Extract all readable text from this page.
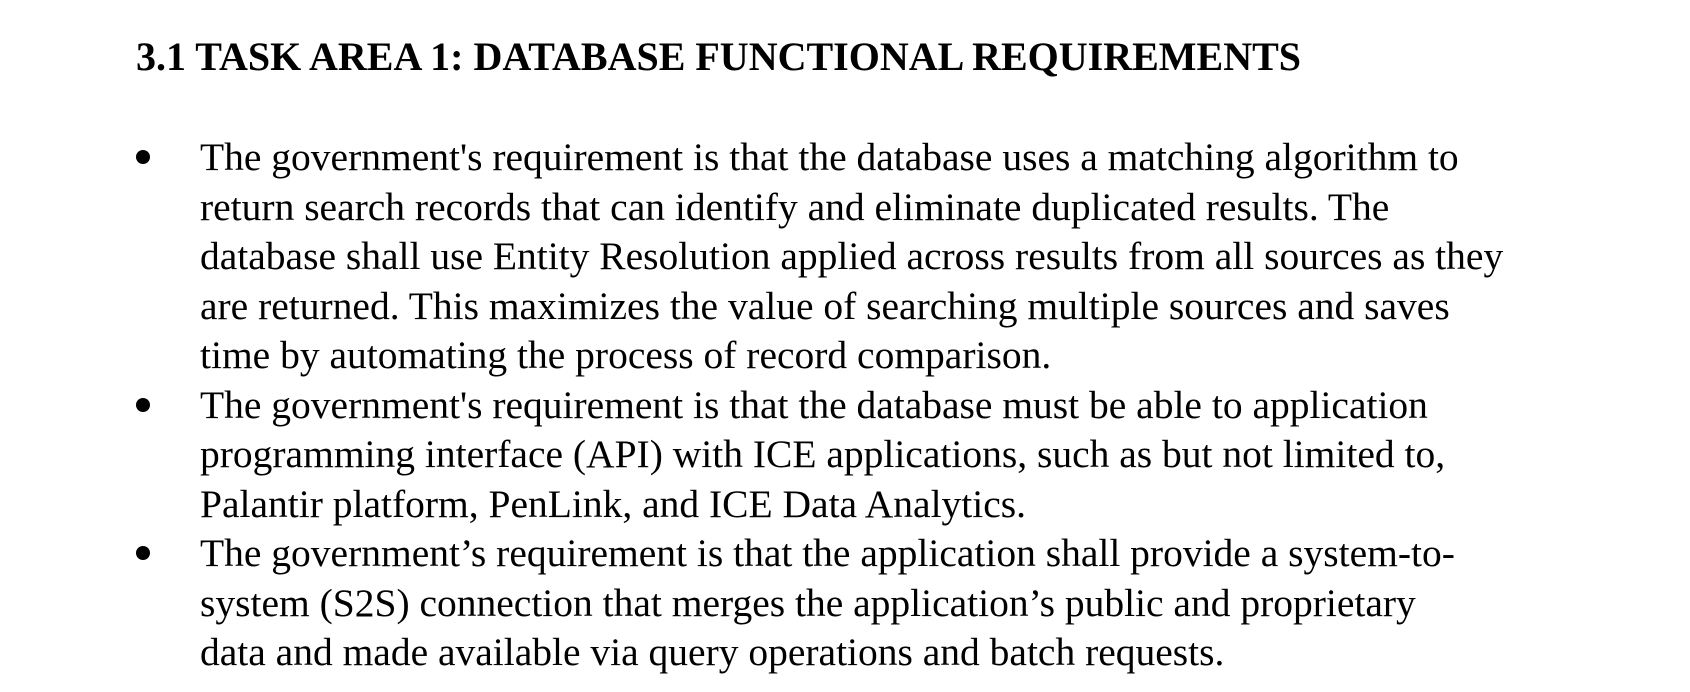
3.1 TASK AREA 1: DATABASE FUNCTIONAL REQUIREMENTS
The government's requirement is that the database uses a matching algorithm to
return search records that can identify and eliminate duplicated results. The
database shall use Entity Resolution applied across results from all sources as they
are returned. This maximizes the value of searching multiple sources and saves
time by automating the process of record comparison.
The government's requirement is that the database must be able to application
programming interface (API) with ICE applications, such as but not limited to,
Palantir platform, PenLink, and ICE Data Analytics.
The government’s requirement is that the application shall provide a system-to-
system (S2S) connection that merges the application’s public and proprietary
data and made available via query operations and batch requests.
